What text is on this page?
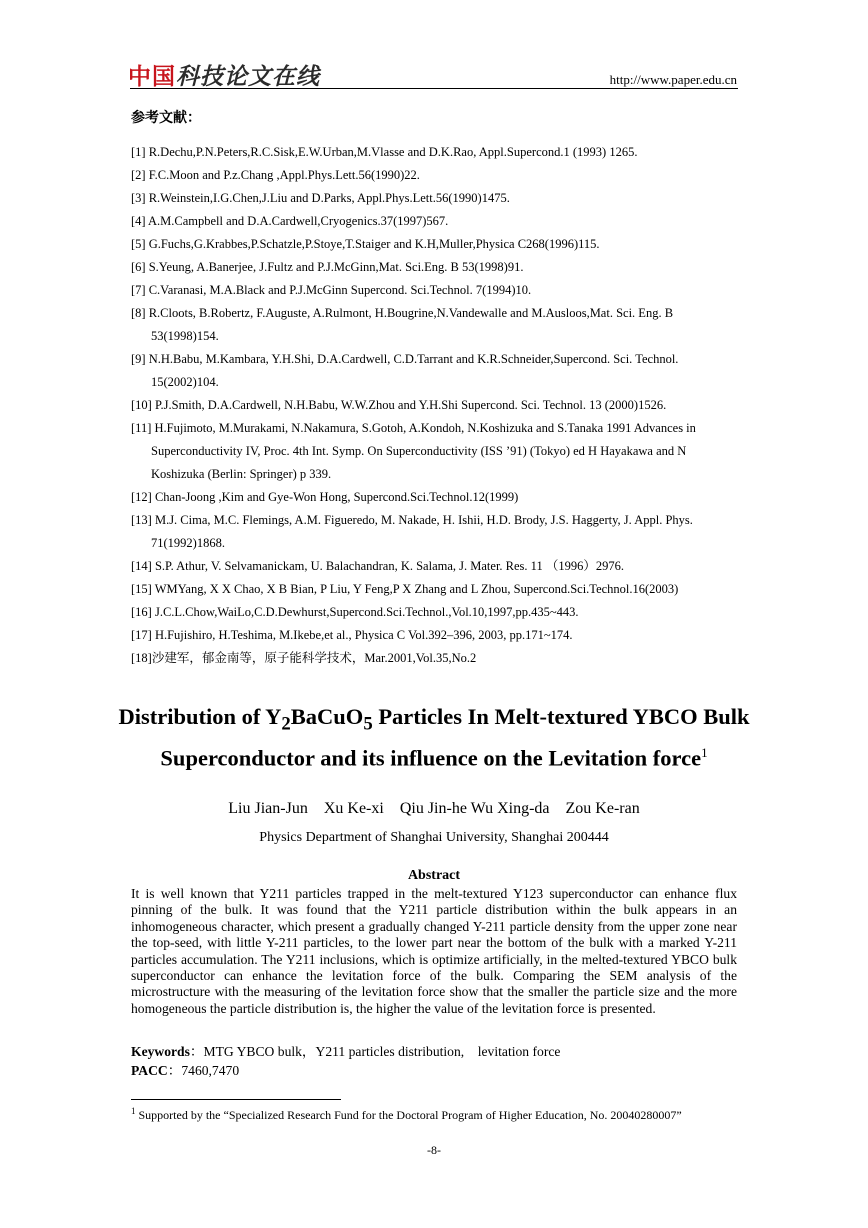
中国科技论文在线	http://www.paper.edu.cn
参考文献：
[1] R.Dechu,P.N.Peters,R.C.Sisk,E.W.Urban,M.Vlasse and D.K.Rao, Appl.Supercond.1 (1993) 1265.
[2] F.C.Moon and P.z.Chang ,Appl.Phys.Lett.56(1990)22.
[3] R.Weinstein,I.G.Chen,J.Liu and D.Parks, Appl.Phys.Lett.56(1990)1475.
[4] A.M.Campbell and D.A.Cardwell,Cryogenics.37(1997)567.
[5] G.Fuchs,G.Krabbes,P.Schatzle,P.Stoye,T.Staiger and K.H,Muller,Physica C268(1996)115.
[6] S.Yeung, A.Banerjee, J.Fultz and P.J.McGinn,Mat. Sci.Eng. B 53(1998)91.
[7] C.Varanasi, M.A.Black and P.J.McGinn Supercond. Sci.Technol. 7(1994)10.
[8] R.Cloots, B.Robertz, F.Auguste, A.Rulmont, H.Bougrine,N.Vandewalle and M.Ausloos,Mat. Sci. Eng. B 53(1998)154.
[9] N.H.Babu, M.Kambara, Y.H.Shi, D.A.Cardwell, C.D.Tarrant and K.R.Schneider,Supercond. Sci. Technol. 15(2002)104.
[10] P.J.Smith, D.A.Cardwell, N.H.Babu, W.W.Zhou and Y.H.Shi Supercond. Sci. Technol. 13 (2000)1526.
[11] H.Fujimoto, M.Murakami, N.Nakamura, S.Gotoh, A.Kondoh, N.Koshizuka and S.Tanaka 1991 Advances in Superconductivity IV, Proc. 4th Int. Symp. On Superconductivity (ISS ’91) (Tokyo) ed H Hayakawa and N Koshizuka (Berlin: Springer) p 339.
[12] Chan-Joong ,Kim and Gye-Won Hong, Supercond.Sci.Technol.12(1999)
[13] M.J. Cima, M.C. Flemings, A.M. Figueredo, M. Nakade, H. Ishii, H.D. Brody, J.S. Haggerty, J. Appl. Phys. 71(1992)1868.
[14] S.P. Athur, V. Selvamanickam, U. Balachandran, K. Salama, J. Mater. Res. 11 （1996）2976.
[15] WMYang, X X Chao, X B Bian, P Liu, Y Feng,P X Zhang and L Zhou, Supercond.Sci.Technol.16(2003)
[16] J.C.L.Chow,WaiLo,C.D.Dewhurst,Supercond.Sci.Technol.,Vol.10,1997,pp.435~443.
[17] H.Fujishiro, H.Teshima, M.Ikebe,et al., Physica C Vol.392–396, 2003, pp.171~174.
[18]沙建军，郁金南等，原子能科学技术，Mar.2001,Vol.35,No.2
Distribution of $Y_2BaCuO_5$ Particles In Melt-textured YBCO Bulk Superconductor and its influence on the Levitation force$^1$
Liu Jian-Jun    Xu Ke-xi    Qiu Jin-he Wu Xing-da    Zou Ke-ran
Physics Department of Shanghai University, Shanghai 200444
Abstract
It is well known that Y211 particles trapped in the melt-textured Y123 superconductor can enhance flux pinning of the bulk. It was found that the Y211 particle distribution within the bulk appears in an inhomogeneous character, which present a gradually changed Y-211 particle density from the upper zone near the top-seed, with little Y-211 particles, to the lower part near the bottom of the bulk with a marked Y-211 particles accumulation. The Y211 inclusions, which is optimize artificially, in the melted-textured YBCO bulk superconductor can enhance the levitation force of the bulk. Comparing the SEM analysis of the microstructure with the measuring of the levitation force show that the smaller the particle size and the more homogeneous the particle distribution is, the higher the value of the levitation force is presented.
Keywords：MTG YBCO bulk，Y211 particles distribution,    levitation force
PACC：7460,7470
$^1$ Supported by the “Specialized Research Fund for the Doctoral Program of Higher Education, No. 20040280007”
-8-
